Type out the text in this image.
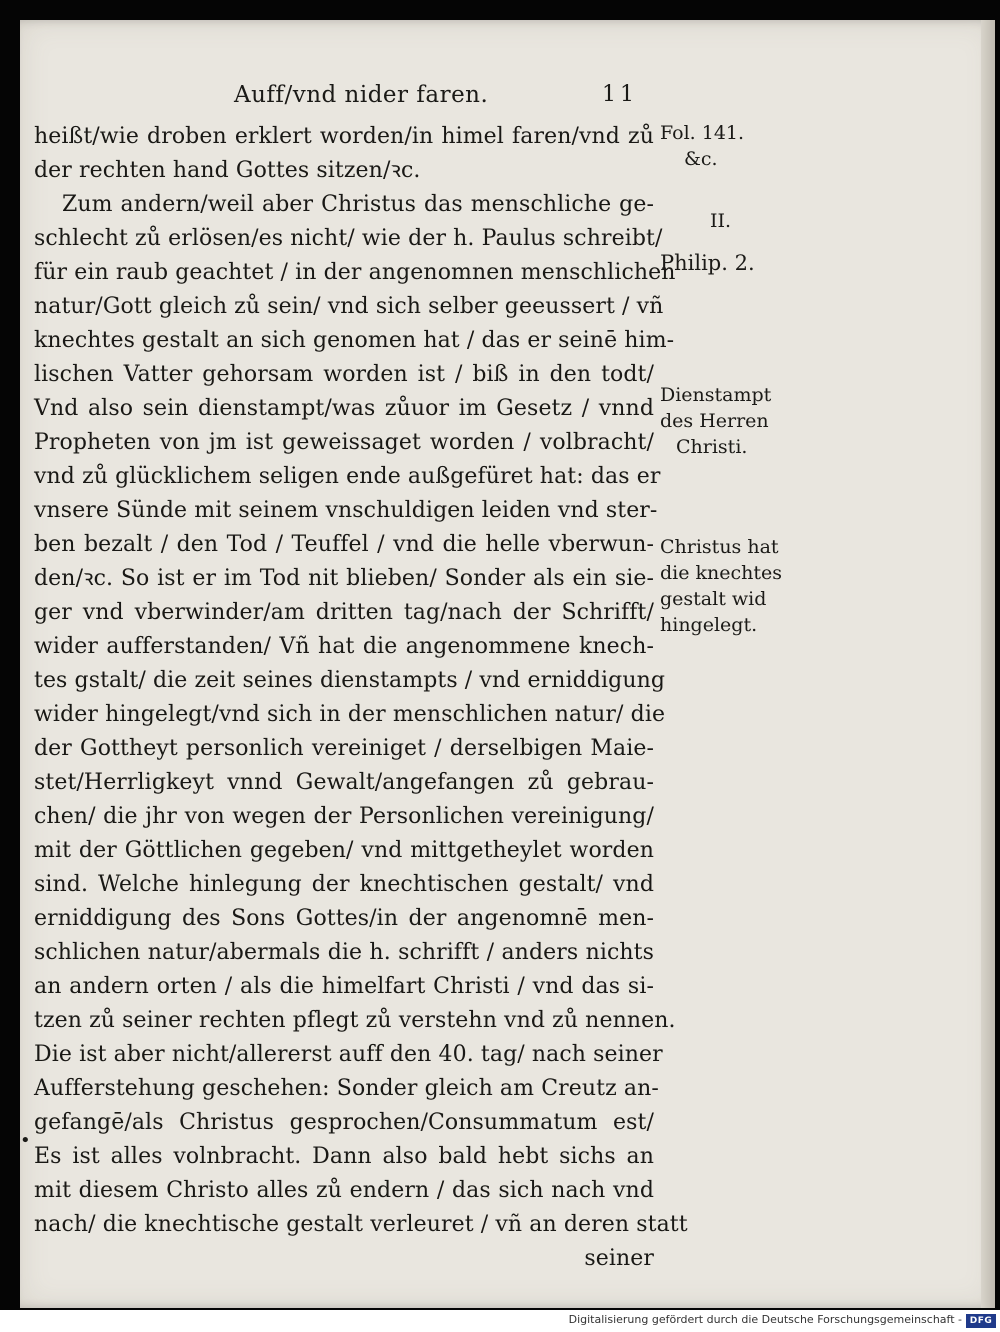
Auff/vnd nider faren.	11
heißt/wie droben erklert worden/in himel faren/vnd zů
der rechten hand Gottes sitzen/ꝛc.
Zum andern/weil aber Christus das menschliche ge-
schlecht zů erlösen/es nicht/ wie der h. Paulus schreibt/
für ein raub geachtet / in der angenomnen menschlichen
natur/Gott gleich zů sein/ vnd sich selber geeussert / vñ
knechtes gestalt an sich genomen hat / das er seinē him-
lischen Vatter gehorsam worden ist / biß in den todt/
Vnd also sein dienstampt/was zůuor im Gesetz / vnnd
Propheten von jm ist geweissaget worden / volbracht/
vnd zů glücklichem seligen ende außgefüret hat: das er
vnsere Sünde mit seinem vnschuldigen leiden vnd ster-
ben bezalt / den Tod / Teuffel / vnd die helle vberwun-
den/ꝛc. So ist er im Tod nit blieben/ Sonder als ein sie-
ger vnd vberwinder/am dritten tag/nach der Schrifft/
wider aufferstanden/ Vñ hat die angenommene knech-
tes gstalt/ die zeit seines dienstampts / vnd erniddigung
wider hingelegt/vnd sich in der menschlichen natur/ die
der Gottheyt personlich vereiniget / derselbigen Maie-
stet/Herrligkeyt vnnd Gewalt/angefangen zů gebrau-
chen/ die jhr von wegen der Personlichen vereinigung/
mit der Göttlichen gegeben/ vnd mittgetheylet worden
sind. Welche hinlegung der knechtischen gestalt/ vnd
erniddigung des Sons Gottes/in der angenomnē men-
schlichen natur/abermals die h. schrifft / anders nichts
an andern orten / als die himelfart Christi / vnd das si-
tzen zů seiner rechten pflegt zů verstehn vnd zů nennen.
Die ist aber nicht/allererst auff den 40. tag/ nach seiner
Aufferstehung geschehen: Sonder gleich am Creutz an-
gefangē/als Christus gesprochen/Consummatum est/
Es ist alles volnbracht. Dann also bald hebt sichs an
mit diesem Christo alles zů endern / das sich nach vnd
nach/ die knechtische gestalt verleuret / vñ an deren statt
seiner
Fol. 141.
&c.
II.
Philip. 2.
Dienstampt
des Herren
Christi.
Christus hat
die knechtes
gestalt wid
hingelegt.
•
Digitalisierung gefördert durch die Deutsche Forschungsgemeinschaft - DFG
